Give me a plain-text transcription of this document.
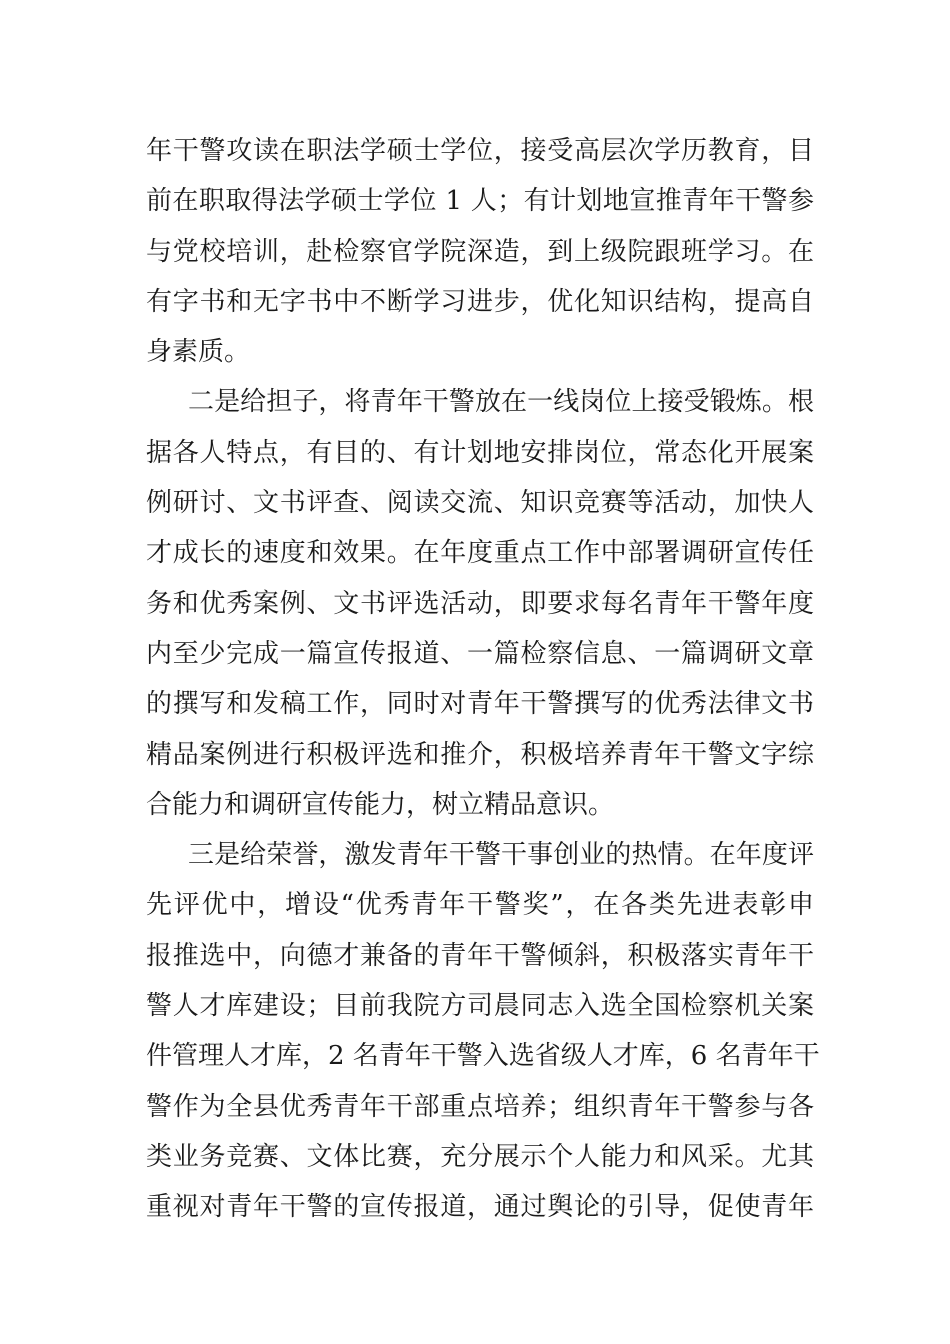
年干警攻读在职法学硕士学位，接受高层次学历教育，目
前在职取得法学硕士学位 1 人；有计划地宣推青年干警参
与党校培训，赴检察官学院深造，到上级院跟班学习。在
有字书和无字书中不断学习进步，优化知识结构，提高自
身素质。
二是给担子，将青年干警放在一线岗位上接受锻炼。根
据各人特点，有目的、有计划地安排岗位，常态化开展案
例研讨、文书评查、阅读交流、知识竞赛等活动，加快人
才成长的速度和效果。在年度重点工作中部署调研宣传任
务和优秀案例、文书评选活动，即要求每名青年干警年度
内至少完成一篇宣传报道、一篇检察信息、一篇调研文章
的撰写和发稿工作，同时对青年干警撰写的优秀法律文书
精品案例进行积极评选和推介，积极培养青年干警文字综
合能力和调研宣传能力，树立精品意识。
三是给荣誉，激发青年干警干事创业的热情。在年度评
先评优中，增设“优秀青年干警奖”，在各类先进表彰申
报推选中，向德才兼备的青年干警倾斜，积极落实青年干
警人才库建设；目前我院方司晨同志入选全国检察机关案
件管理人才库，2 名青年干警入选省级人才库，6 名青年干
警作为全县优秀青年干部重点培养；组织青年干警参与各
类业务竞赛、文体比赛，充分展示个人能力和风采。尤其
重视对青年干警的宣传报道，通过舆论的引导，促使青年
